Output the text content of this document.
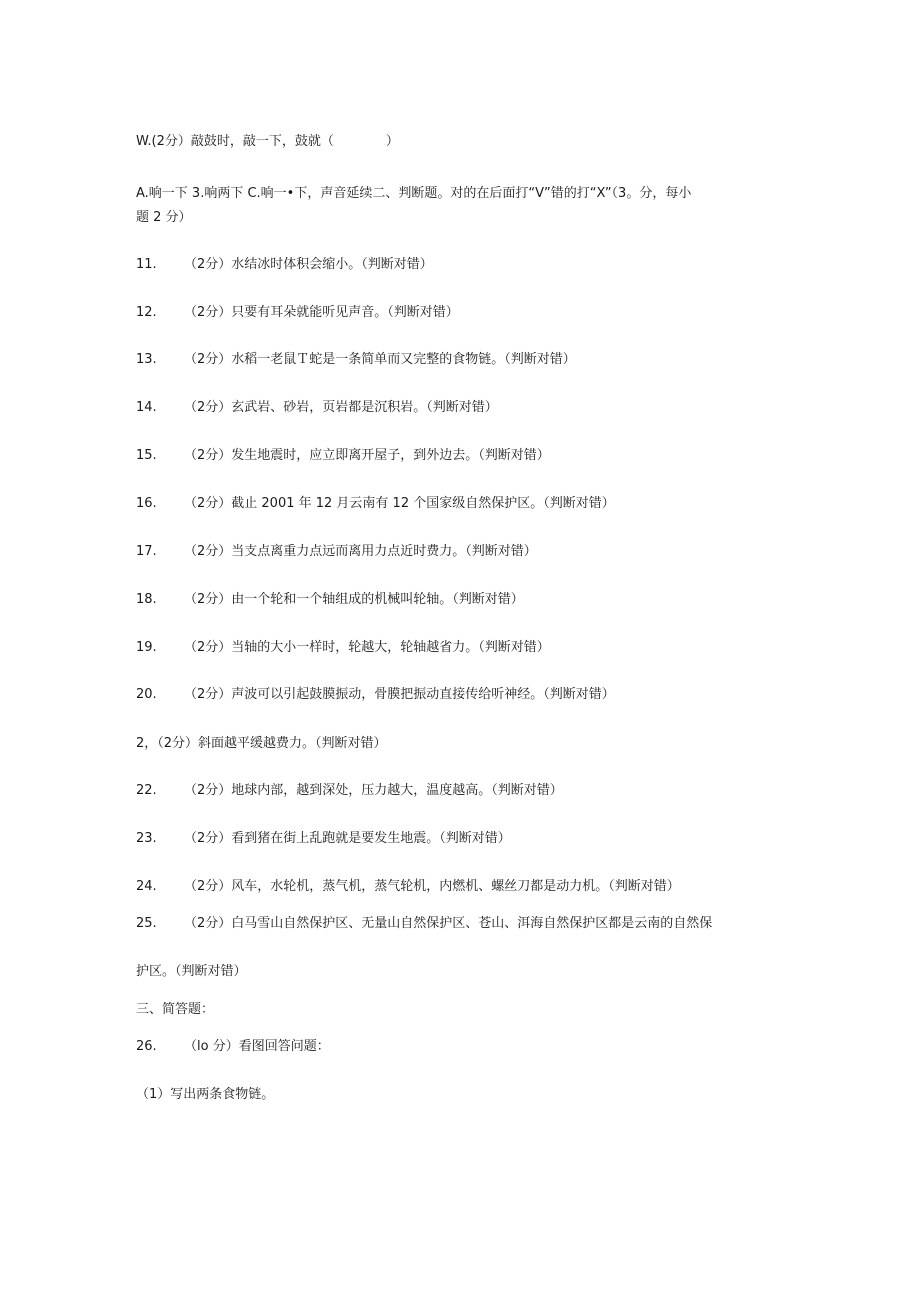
W.(2分）敲鼓时，敲一下，鼓就（　　　　）
A.响一下 3.响两下 C.响一•下，声音延续二、判断题。对的在后面打“V”错的打“X”（3。分，每小
题 2 分）
11. （2分）水结冰时体积会缩小。（判断对错）
12. （2分）只要有耳朵就能听见声音。（判断对错）
13. （2分）水稻一老鼠Ｔ蛇是一条简单而又完整的食物链。（判断对错）
14. （2分）玄武岩、砂岩，页岩都是沉积岩。（判断对错）
15. （2分）发生地震时，应立即离开屋子，到外边去。（判断对错）
16. （2分）截止 2001 年 12 月云南有 12 个国家级自然保护区。（判断对错）
17. （2分）当支点离重力点远而离用力点近时费力。（判断对错）
18. （2分）由一个轮和一个轴组成的机械叫轮轴。（判断对错）
19. （2分）当轴的大小一样时，轮越大，轮轴越省力。（判断对错）
20. （2分）声波可以引起鼓膜振动，骨膜把振动直接传给听神经。（判断对错）
2，（2分）斜面越平缓越费力。（判断对错）
22. （2分）地球内部，越到深处，压力越大，温度越高。（判断对错）
23. （2分）看到猪在街上乱跑就是要发生地震。（判断对错）
24. （2分）风车，水轮机，蒸气机，蒸气轮机，内燃机、螺丝刀都是动力机。（判断对错）
25. （2分）白马雪山自然保护区、无量山自然保护区、苍山、洱海自然保护区都是云南的自然保
护区。（判断对错）
三、简答题：
26. （lo 分）看图回答问题：
（1）写出两条食物链。
